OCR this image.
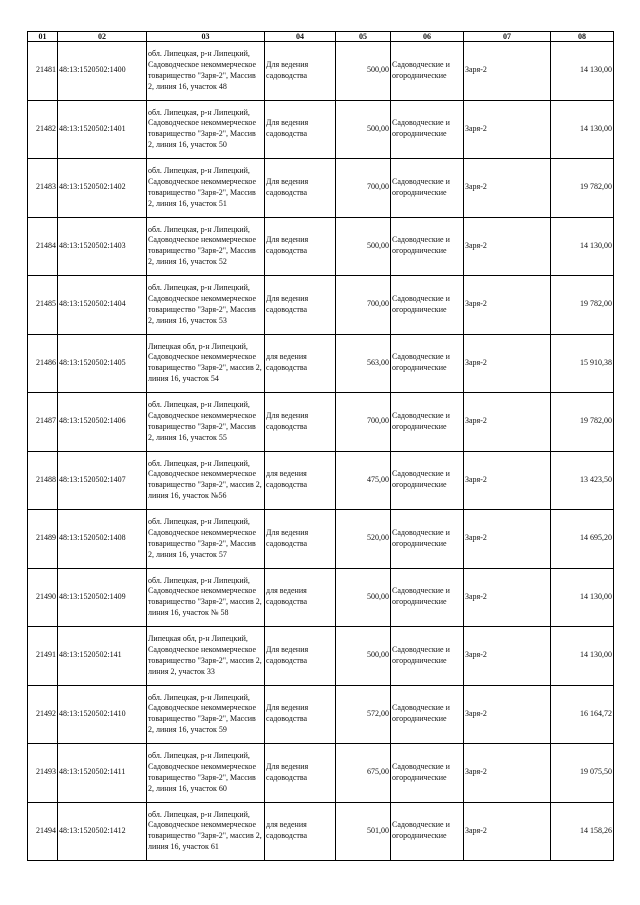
01	02	03	04	05	06	07	08
21481	48:13:1520502:1400	обл. Липецкая, р-н Липецкий, Садоводческое некоммерческое товарищество "Заря-2", Массив 2, линия 16, участок 48	Для ведения садоводства	500,00	Садоводческие и огороднические	Заря-2	14 130,00
21482	48:13:1520502:1401	обл. Липецкая, р-н Липецкий, Садоводческое некоммерческое товарищество "Заря-2", Массив 2, линия 16, участок 50	Для ведения садоводства	500,00	Садоводческие и огороднические	Заря-2	14 130,00
21483	48:13:1520502:1402	обл. Липецкая, р-н Липецкий, Садоводческое некоммерческое товарищество "Заря-2", Массив 2, линия 16, участок 51	Для ведения садоводства	700,00	Садоводческие и огороднические	Заря-2	19 782,00
21484	48:13:1520502:1403	обл. Липецкая, р-н Липецкий, Садоводческое некоммерческое товарищество "Заря-2", Массив 2, линия 16, участок 52	Для ведения садоводства	500,00	Садоводческие и огороднические	Заря-2	14 130,00
21485	48:13:1520502:1404	обл. Липецкая, р-н Липецкий, Садоводческое некоммерческое товарищество "Заря-2", Массив 2, линия 16, участок 53	Для ведения садоводства	700,00	Садоводческие и огороднические	Заря-2	19 782,00
21486	48:13:1520502:1405	Липецкая обл, р-н Липецкий, Садоводческое некоммерческое товарищество "Заря-2", массив 2, линия 16, участок 54	для ведения садоводства	563,00	Садоводческие и огороднические	Заря-2	15 910,38
21487	48:13:1520502:1406	обл. Липецкая, р-н Липецкий, Садоводческое некоммерческое товарищество "Заря-2", Массив 2, линия 16, участок 55	Для ведения садоводства	700,00	Садоводческие и огороднические	Заря-2	19 782,00
21488	48:13:1520502:1407	обл. Липецкая, р-н Липецкий, Садоводческое некоммерческое товарищество "Заря-2", массив 2, линия 16, участок №56	для ведения садоводства	475,00	Садоводческие и огороднические	Заря-2	13 423,50
21489	48:13:1520502:1408	обл. Липецкая, р-н Липецкий, Садоводческое некоммерческое товарищество "Заря-2", Массив 2, линия 16, участок 57	Для ведения садоводства	520,00	Садоводческие и огороднические	Заря-2	14 695,20
21490	48:13:1520502:1409	обл. Липецкая, р-н Липецкий, Садоводческое некоммерческое товарищество "Заря-2", массив 2, линия 16, участок № 58	для ведения садоводства	500,00	Садоводческие и огороднические	Заря-2	14 130,00
21491	48:13:1520502:141	Липецкая обл, р-н Липецкий, Садоводческое некоммерческое товарищество "Заря-2", массив 2, линия 2, участок 33	Для ведения садоводства	500,00	Садоводческие и огороднические	Заря-2	14 130,00
21492	48:13:1520502:1410	обл. Липецкая, р-н Липецкий, Садоводческое некоммерческое товарищество "Заря-2", Массив 2, линия 16, участок 59	Для ведения садоводства	572,00	Садоводческие и огороднические	Заря-2	16 164,72
21493	48:13:1520502:1411	обл. Липецкая, р-н Липецкий, Садоводческое некоммерческое товарищество "Заря-2", Массив 2, линия 16, участок 60	Для ведения садоводства	675,00	Садоводческие и огороднические	Заря-2	19 075,50
21494	48:13:1520502:1412	обл. Липецкая, р-н Липецкий, Садоводческое некоммерческое товарищество "Заря-2", массив 2, линия 16, участок 61	для ведения садоводства	501,00	Садоводческие и огороднические	Заря-2	14 158,26
